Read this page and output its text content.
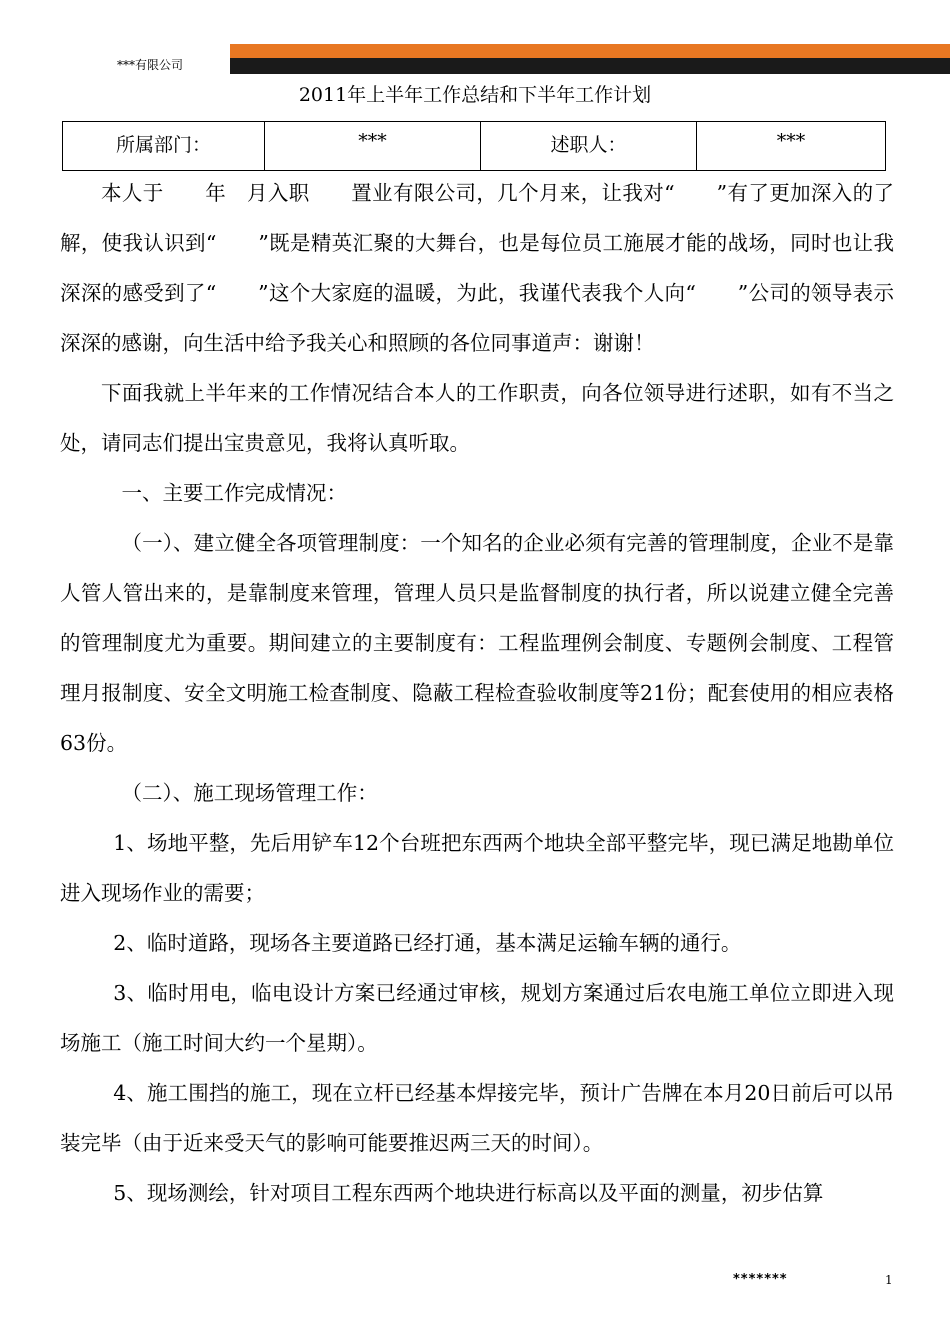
***有限公司
2011年上半年工作总结和下半年工作计划
所属部门：	***	述职人：	***

本人于　　年　月入职　　置业有限公司，几个月来，让我对“　　”有了更加深入的了解，使我认识到“　　”既是精英汇聚的大舞台，也是每位员工施展才能的战场，同时也让我深深的感受到了“　　”这个大家庭的温暖，为此，我谨代表我个人向“　　”公司的领导表示深深的感谢，向生活中给予我关心和照顾的各位同事道声：谢谢！

下面我就上半年来的工作情况结合本人的工作职责，向各位领导进行述职，如有不当之处，请同志们提出宝贵意见，我将认真听取。

一、主要工作完成情况：

（一）、建立健全各项管理制度：一个知名的企业必须有完善的管理制度，企业不是靠人管人管出来的，是靠制度来管理，管理人员只是监督制度的执行者，所以说建立健全完善的管理制度尤为重要。期间建立的主要制度有：工程监理例会制度、专题例会制度、工程管理月报制度、安全文明施工检查制度、隐蔽工程检查验收制度等21份；配套使用的相应表格63份。

（二）、施工现场管理工作：

1、场地平整，先后用铲车12个台班把东西两个地块全部平整完毕，现已满足地勘单位进入现场作业的需要；

2、临时道路，现场各主要道路已经打通，基本满足运输车辆的通行。

3、临时用电，临电设计方案已经通过审核，规划方案通过后农电施工单位立即进入现场施工（施工时间大约一个星期）。

4、施工围挡的施工，现在立杆已经基本焊接完毕，预计广告牌在本月20日前后可以吊装完毕（由于近来受天气的影响可能要推迟两三天的时间）。

5、现场测绘，针对项目工程东西两个地块进行标高以及平面的测量，初步估算

*******	1
